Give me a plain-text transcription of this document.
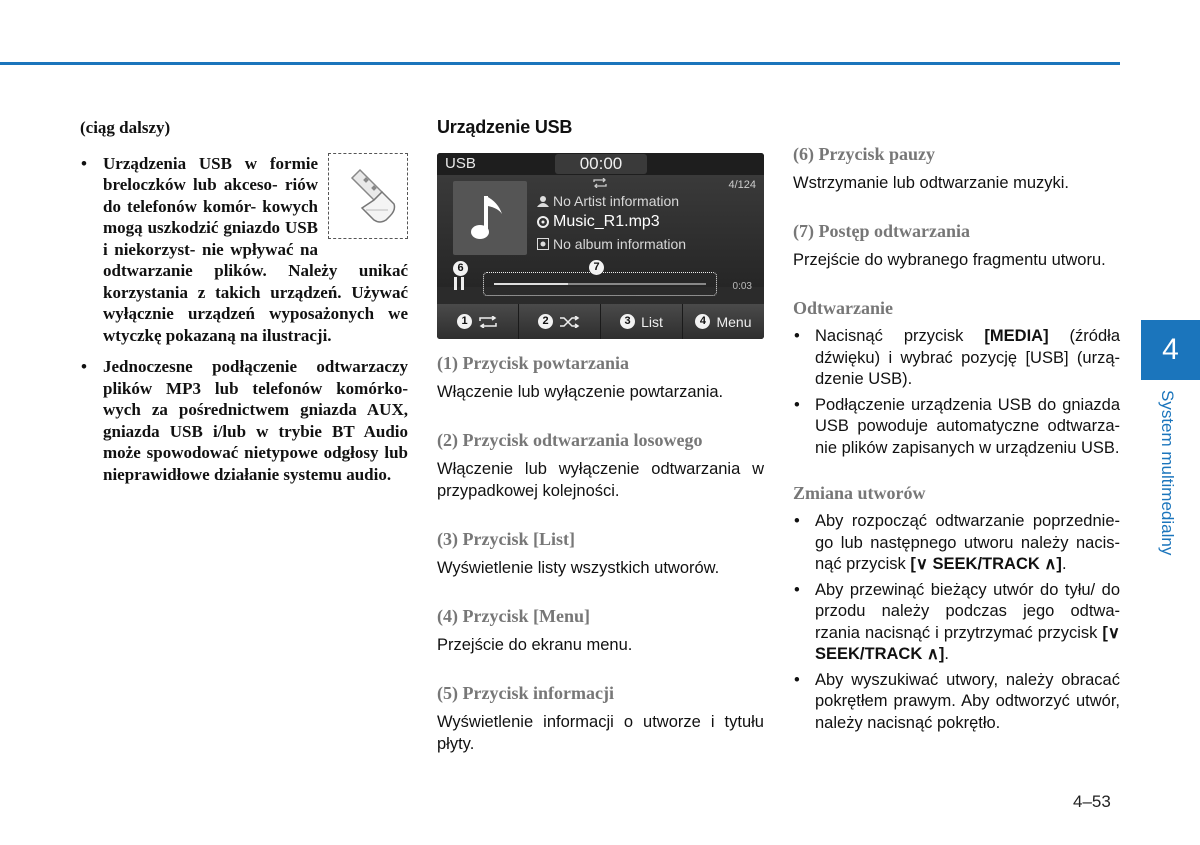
(ciąg dalszy)

• Urządzenia USB w formie breloczków lub akceso- riów do telefonów komór- kowych mogą uszkodzić gniazdo USB i niekorzyst- nie wpływać na odtwarzanie plików. Należy unikać korzystania z takich urządzeń. Używać wyłącznie urządzeń wyposażonych we wtyczkę pokazaną na ilustracji.
• Jednoczesne podłączenie odtwarzaczy plików MP3 lub telefonów komórko- wych za pośrednictwem gniazda AUX, gniazda USB i/lub w trybie BT Audio może spowodować nietypowe odgłosy lub nieprawidłowe działanie systemu audio.
Urządzenie USB
USB	00:00
4/124
No Artist information
Music_R1.mp3
No album information
6	7
0:03
1	2	3 List	4 Menu
(1) Przycisk powtarzania

Włączenie lub wyłączenie powtarzania.

(2) Przycisk odtwarzania losowego

Włączenie lub wyłączenie odtwarzania w przypadkowej kolejności.

(3) Przycisk [List]

Wyświetlenie listy wszystkich utworów.

(4) Przycisk [Menu]

Przejście do ekranu menu.

(5) Przycisk informacji

Wyświetlenie informacji o utworze i tytułu płyty.

(6) Przycisk pauzy

Wstrzymanie lub odtwarzanie muzyki.

(7) Postęp odtwarzania

Przejście do wybranego fragmentu utworu.

Odtwarzanie
• Nacisnąć przycisk [MEDIA] (źródła dźwięku) i wybrać pozycję [USB] (urzą- dzenie USB).
• Podłączenie urządzenia USB do gniazda USB powoduje automatyczne odtwarza- nie plików zapisanych w urządzeniu USB.
Zmiana utworów
• Aby rozpocząć odtwarzanie poprzednie- go lub następnego utworu należy nacis- nąć przycisk [∨ SEEK/TRACK ∧].
• Aby przewinąć bieżący utwór do tyłu/ do przodu należy podczas jego odtwa- rzania nacisnąć i przytrzymać przycisk [∨ SEEK/TRACK ∧].
• Aby wyszukiwać utwory, należy obracać pokrętłem prawym. Aby odtworzyć utwór, należy nacisnąć pokrętło.
4
System multimedialny
4–53
